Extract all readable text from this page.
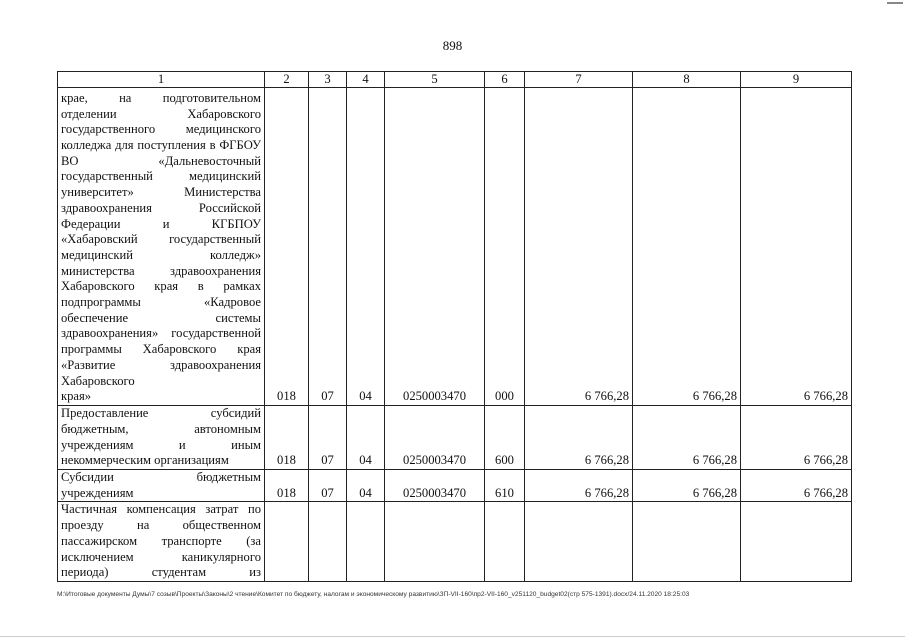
898
1	2	3	4	5	6	7	8	9
крае, на подготовительном отделении Хабаровского государственного медицинского колледжа для поступления в ФГБОУ ВО «Дальневосточный государственный медицинский университет» Министерства здравоохранения Российской Федерации и КГБПОУ «Хабаровский государственный медицинский колледж» министерства здравоохранения Хабаровского края в рамках подпрограммы «Кадровое обеспечение системы здравоохранения» государственной программы Хабаровского края «Развитие здравоохранения Хабаровского
края»	018	07	04	0250003470	000	6 766,28	6 766,28	6 766,28
Предоставление субсидий бюджетным, автономным учреждениям и иным
некоммерческим организациям	018	07	04	0250003470	600	6 766,28	6 766,28	6 766,28
Субсидии бюджетным
учреждениям	018	07	04	0250003470	610	6 766,28	6 766,28	6 766,28
Частичная компенсация затрат по проезду на общественном пассажирском транспорте (за исключением каникулярного периода) студентам из

М:\Итоговые документы Думы\7 созыв\Проекты\Законы\2 чтение\Комитет по бюджету, налогам и экономическому развитию\ЗП-VII-160\пр2-VII-160_v251120_budget02(стр 575-1391).docx/24.11.2020 18:25:03
